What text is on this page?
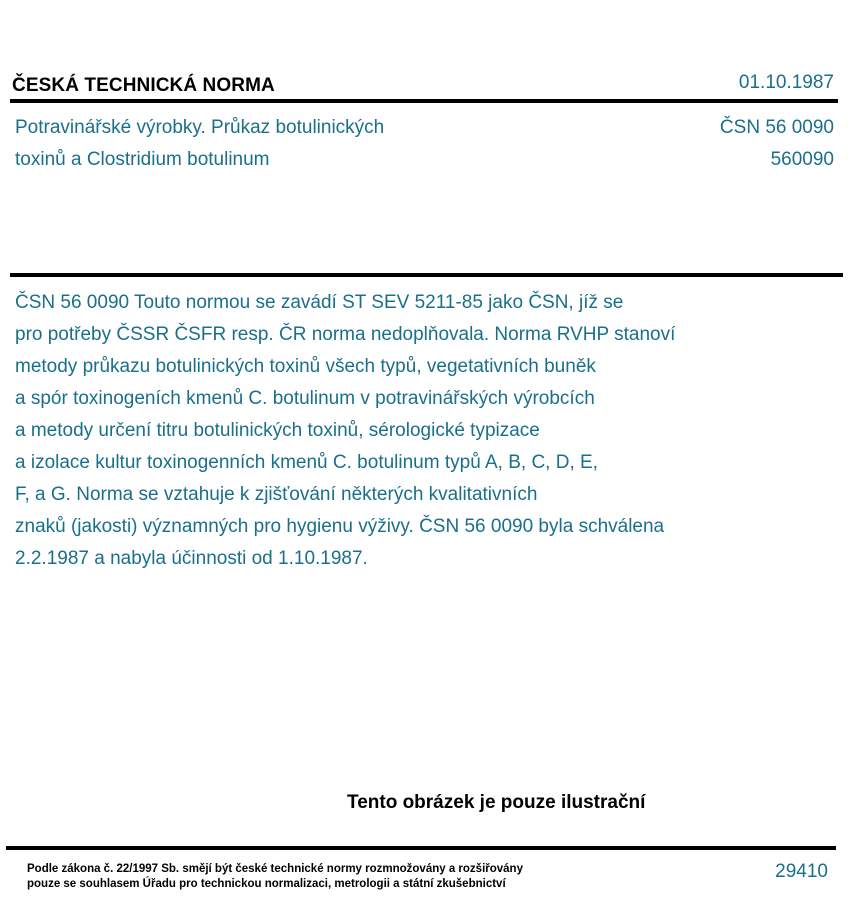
ČESKÁ TECHNICKÁ NORMA	01.10.1987
Potravinářské výrobky. Průkaz botulinických
toxinů a Clostridium botulinum
ČSN 56 0090
560090
ČSN 56 0090 Touto normou se zavádí ST SEV 5211-85 jako ČSN, jíž se
pro potřeby ČSSR ČSFR resp. ČR norma nedoplňovala. Norma RVHP stanoví
metody průkazu botulinických toxinů všech typů, vegetativních buněk
a spór toxinogeních kmenů C. botulinum v potravinářských výrobcích
a metody určení titru botulinických toxinů, sérologické typizace
a izolace kultur toxinogenních kmenů C. botulinum typů A, B, C, D, E,
F, a G. Norma se vztahuje k zjišťování některých kvalitativních
znaků (jakosti) významných pro hygienu výživy. ČSN 56 0090 byla schválena
2.2.1987 a nabyla účinnosti od 1.10.1987.
Tento obrázek je pouze ilustrační
Podle zákona č. 22/1997 Sb. smějí být české technické normy rozmnožovány a rozšiřovány
pouze se souhlasem Úřadu pro technickou normalizaci, metrologii a státní zkušebnictví
29410
